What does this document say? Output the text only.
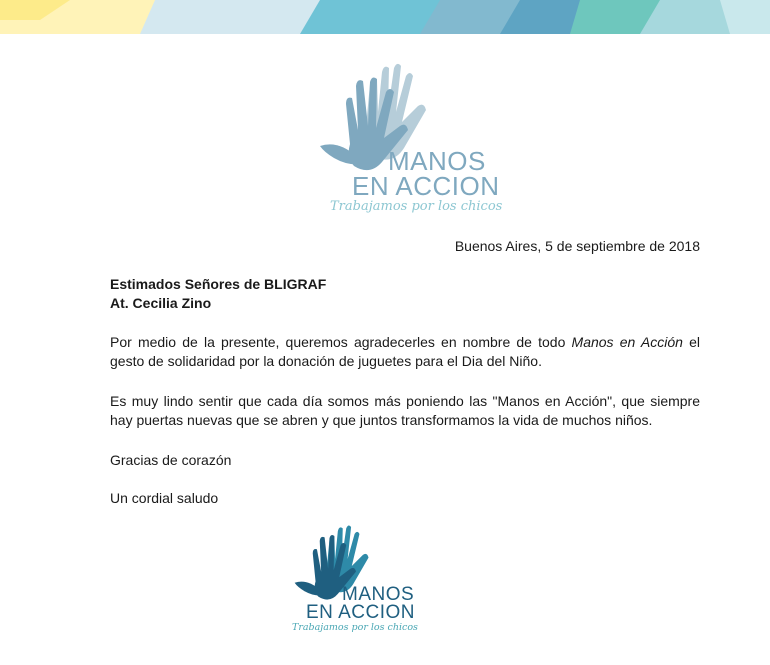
MANOS
EN ACCION
Trabajamos por los chicos
Buenos Aires, 5 de septiembre de 2018

Estimados Señores de BLIGRAF

At. Cecilia Zino

Por medio de la presente, queremos agradecerles en nombre de todo Manos en Acción el gesto de solidaridad por la donación de juguetes para el Dia del Niño.
Es muy lindo sentir que cada día somos más poniendo las "Manos en Acción", que siempre hay puertas nuevas que se abren y que juntos transformamos la vida de muchos niños.
Gracias de corazón
Un cordial saludo
MANOS
EN ACCION
Trabajamos por los chicos
